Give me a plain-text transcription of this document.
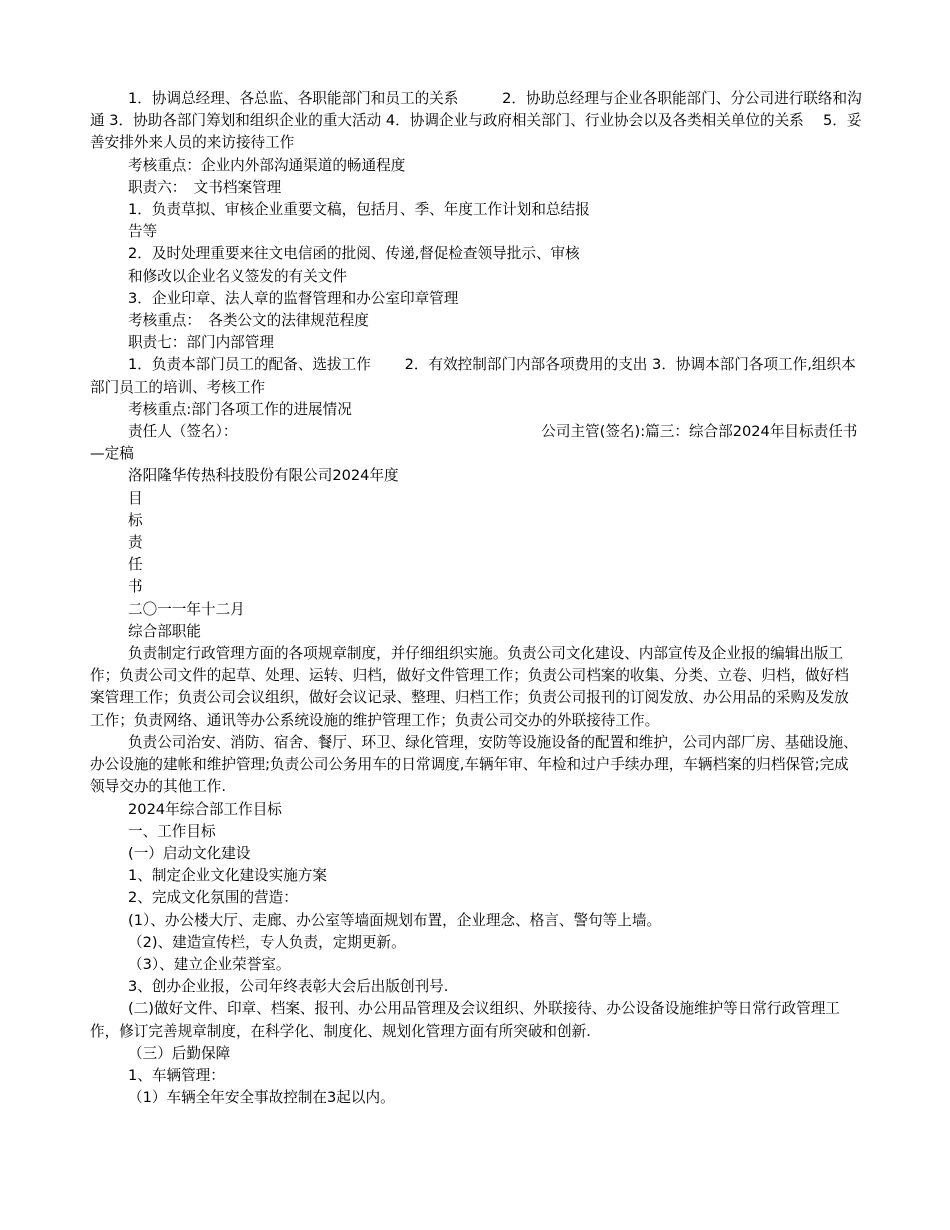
1．协调总经理、各总监、各职能部门和员工的关系　　　2．协助总经理与企业各职能部门、分公司进行联络和沟通 3．协助各部门筹划和组织企业的重大活动 4．协调企业与政府相关部门、行业协会以及各类相关单位的关系　 5．妥善安排外来人员的来访接待工作

考核重点：企业内外部沟通渠道的畅通程度

职责六：　文书档案管理

1．负责草拟、审核企业重要文稿，包括月、季、年度工作计划和总结报

告等

2．及时处理重要来往文电信函的批阅、传递,督促检查领导批示、审核

和修改以企业名义签发的有关文件

3．企业印章、法人章的监督管理和办公室印章管理

考核重点：　各类公文的法律规范程度

职责七：部门内部管理

1．负责本部门员工的配备、选拔工作　　 2．有效控制部门内部各项费用的支出 3．协调本部门各项工作,组织本部门员工的培训、考核工作

考核重点:部门各项工作的进展情况

责任人（签名）：　　　　　　　　　　　　　　　　　　　　　 公司主管(签名):篇三：综合部2024年目标责任书—定稿

洛阳隆华传热科技股份有限公司2024年度

目

标

责

任

书

二〇一一年十二月

综合部职能

负责制定行政管理方面的各项规章制度，并仔细组织实施。负责公司文化建设、内部宣传及企业报的编辑出版工作；负责公司文件的起草、处理、运转、归档，做好文件管理工作；负责公司档案的收集、分类、立卷、归档，做好档案管理工作；负责公司会议组织，做好会议记录、整理、归档工作；负责公司报刊的订阅发放、办公用品的采购及发放工作；负责网络、通讯等办公系统设施的维护管理工作；负责公司交办的外联接待工作。

负责公司治安、消防、宿舍、餐厅、环卫、绿化管理，安防等设施设备的配置和维护，公司内部厂房、基础设施、办公设施的建帐和维护管理;负责公司公务用车的日常调度,车辆年审、年检和过户手续办理，车辆档案的归档保管;完成领导交办的其他工作.

2024年综合部工作目标

一、工作目标

(一）启动文化建设

1、制定企业文化建设实施方案

2、完成文化氛围的营造：

(1）、办公楼大厅、走廊、办公室等墙面规划布置，企业理念、格言、警句等上墙。

（2)、建造宣传栏，专人负责，定期更新。

（3）、建立企业荣誉室。

3、创办企业报，公司年终表彰大会后出版创刊号.

(二)做好文件、印章、档案、报刊、办公用品管理及会议组织、外联接待、办公设备设施维护等日常行政管理工作，修订完善规章制度，在科学化、制度化、规划化管理方面有所突破和创新.

（三）后勤保障

1、车辆管理：

（1）车辆全年安全事故控制在3起以内。
